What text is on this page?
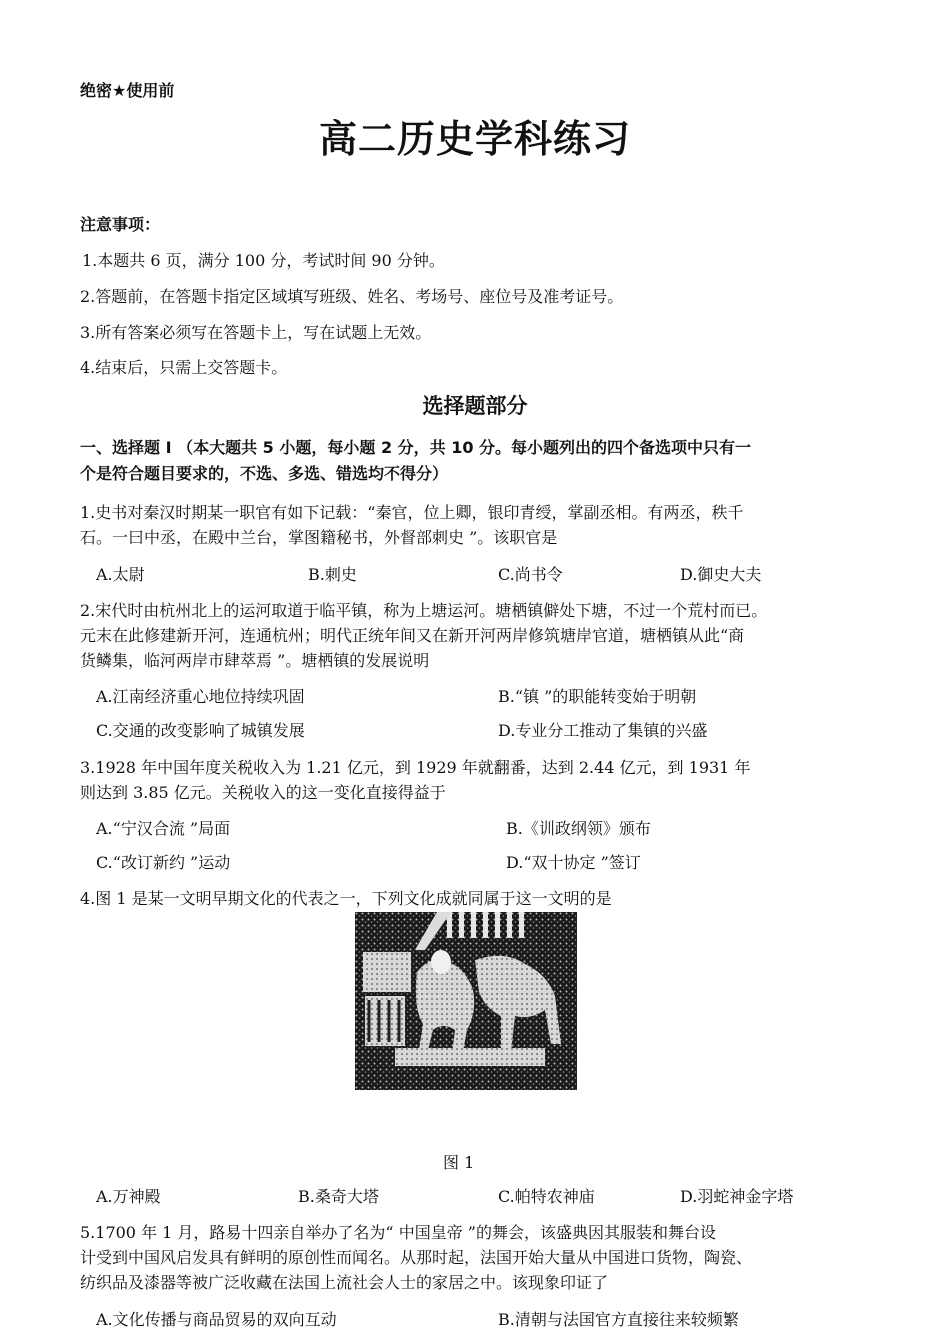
绝密★使用前
高二历史学科练习
注意事项：
1.本题共 6 页，满分 100 分，考试时间 90 分钟。
2.答题前，在答题卡指定区域填写班级、姓名、考场号、座位号及准考证号。
3.所有答案必须写在答题卡上，写在试题上无效。
4.结束后，只需上交答题卡。
选择题部分
一、选择题 Ⅰ （本大题共 5 小题，每小题 2 分，共 10 分。每小题列出的四个备选项中只有一
个是符合题目要求的，不选、多选、错选均不得分）
1.史书对秦汉时期某一职官有如下记载：“秦官，位上卿，银印青绶，掌副丞相。有两丞，秩千
石。一曰中丞，在殿中兰台，掌图籍秘书，外督部刺史 ”。该职官是
A.太尉	B.刺史	C.尚书令	D.御史大夫
2.宋代时由杭州北上的运河取道于临平镇，称为上塘运河。塘栖镇僻处下塘，不过一个荒村而已。
元末在此修建新开河，连通杭州；明代正统年间又在新开河两岸修筑塘岸官道，塘栖镇从此“商
货鳞集，临河两岸市肆萃焉 ”。塘栖镇的发展说明
A.江南经济重心地位持续巩固	B.“镇 ”的职能转变始于明朝
C.交通的改变影响了城镇发展	D.专业分工推动了集镇的兴盛
3.1928 年中国年度关税收入为 1.21 亿元，到 1929 年就翻番，达到 2.44 亿元，到 1931 年
则达到 3.85 亿元。关税收入的这一变化直接得益于
A.“宁汉合流 ”局面	B.《训政纲领》颁布
C.“改订新约 ”运动	D.“双十协定 ”签订
4.图 1 是某一文明早期文化的代表之一，下列文化成就同属于这一文明的是
图 1
A.万神殿	B.桑奇大塔	C.帕特农神庙	D.羽蛇神金字塔
5.1700 年 1 月，路易十四亲自举办了名为“ 中国皇帝 ”的舞会，该盛典因其服装和舞台设
计受到中国风启发具有鲜明的原创性而闻名。从那时起，法国开始大量从中国进口货物，陶瓷、
纺织品及漆器等被广泛收藏在法国上流社会人士的家居之中。该现象印证了
A.文化传播与商品贸易的双向互动	B.清朝与法国官方直接往来较频繁
